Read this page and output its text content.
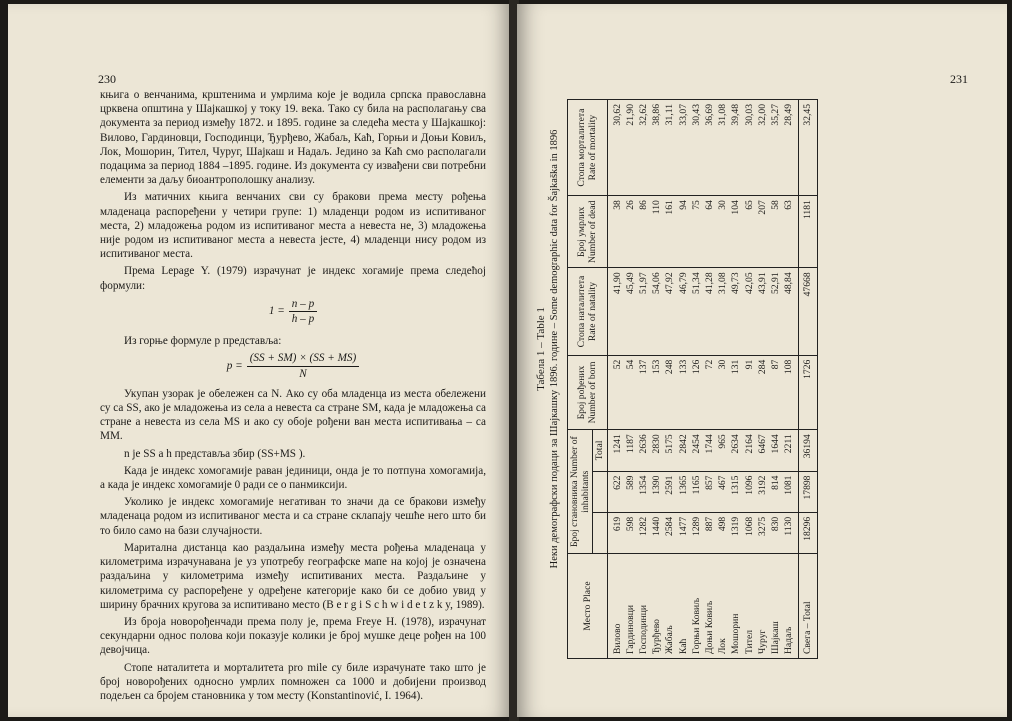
230

књига о венчанима, крштенима и умрлима које је водила српска православна црквена општина у Шајкашкој у току 19. века. Тако су била на располагању сва документа за период између 1872. и 1895. године за следећа места у Шајкашкој: Вилово, Гардиновци, Господинци, Ђурђево, Жабаљ, Каћ, Горњи и Доњи Ковиљ, Лок, Мошорин, Тител, Чуруг, Шајкаш и Надаљ. Једино за Каћ смо располагали подацима за период 1884 –1895. године. Из документа су извађени сви потребни елементи за даљу биоантрополошку анализу.

Из матичних књига венчаних сви су бракови према месту рођења младенаца распоређени у четири групе: 1) младенци родом из испитиваног места, 2) младожења родом из испитиваног места а невеста не, 3) младожења није родом из испитиваног места а невеста јесте, 4) младенци нису родом из испитиваног места.

Према Lepage Y. (1979) израчунат је индекс хогамије према следећој формули:

$1 = \frac{n - p}{h - p}$

Из горње формуле p представља:

$p = \frac{(SS + SM) \times (SS + MS)}{N}$

Укупан узорак је обележен са N. Ако су оба младенца из места обележени су са SS, ако је младожења из села а невеста са стране SM, када је младожења са стране а невеста из села MS и ако су обоје рођени ван места испитивања – са MM.

n је SS а h представља збир (SS+MS ).

Када је индекс хомогамије раван јединици, онда је то потпуна хомогамија, а када је индекс хомогамије 0 ради се о панмиксији.

Уколико је индекс хомогамије негативан то значи да се бракови између младенаца родом из испитиваног места и са стране склапају чешће него што би то било само на бази случајности.

Маритална дистанца као раздаљина између места рођења младенаца у километрима израчунавана је уз употребу географске мапе на којој је означена раздаљина у километрима између испитиваних места. Раздаљине у километрима су распоређене у одређене категорије како би се добио увид у ширину брачних кругова за испитивано место (B e r g i S c h w i d e t z k y, 1989).

Из броја новорођенчади према полу је, према Freye H. (1978), израчунат секундарни однос полова који показује колики је број мушке деце рођен на 100 девојчица.

Стопе наталитета и морталитета pro mile су биле израчунате тако што је број новорођених односно умрлих помножен са 1000 и добијени производ подељен са бројем становника у том месту (Konstantinović, I. 1964).

231
Табела 1 – Table 1 Неки демографски подаци за Шајкашку 1896. године – Some demographic data for Šajkaška in 1896
Место Place	Број становника Number of inhabitants			Број рођених Number of born	Стопа наталитета Rate of natality	Број умрлих Number of dead	Стопа морталитета Rate of mortality
			Total				
Вилово	619	622	1241	52	41,90	38	30,62
Гардиновци	598	589	1187	54	45,49	26	21,90
Господинци	1282	1354	2636	137	51,97	86	32,62
Ђурђево	1440	1390	2830	153	54,06	110	38,86
Жабаљ	2584	2591	5175	248	47,92	161	31,11
Каћ	1477	1365	2842	133	46,79	94	33,07
Горњи Ковиљ	1289	1165	2454	126	51,34	75	30,43
Доњи Ковиљ	887	857	1744	72	41,28	64	36,69
Лок	498	467	965	30	31,08	30	31,08
Мошорин	1319	1315	2634	131	49,73	104	39,48
Тител	1068	1096	2164	91	42,05	65	30,03
Чуруг	3275	3192	6467	284	43,91	207	32,00
Шајкаш	830	814	1644	87	52,91	58	35,27
Надаљ	1130	1081	2211	108	48,84	63	28,49
Свега – Total	18296	17898	36194	1726	47668	1181	32,45
